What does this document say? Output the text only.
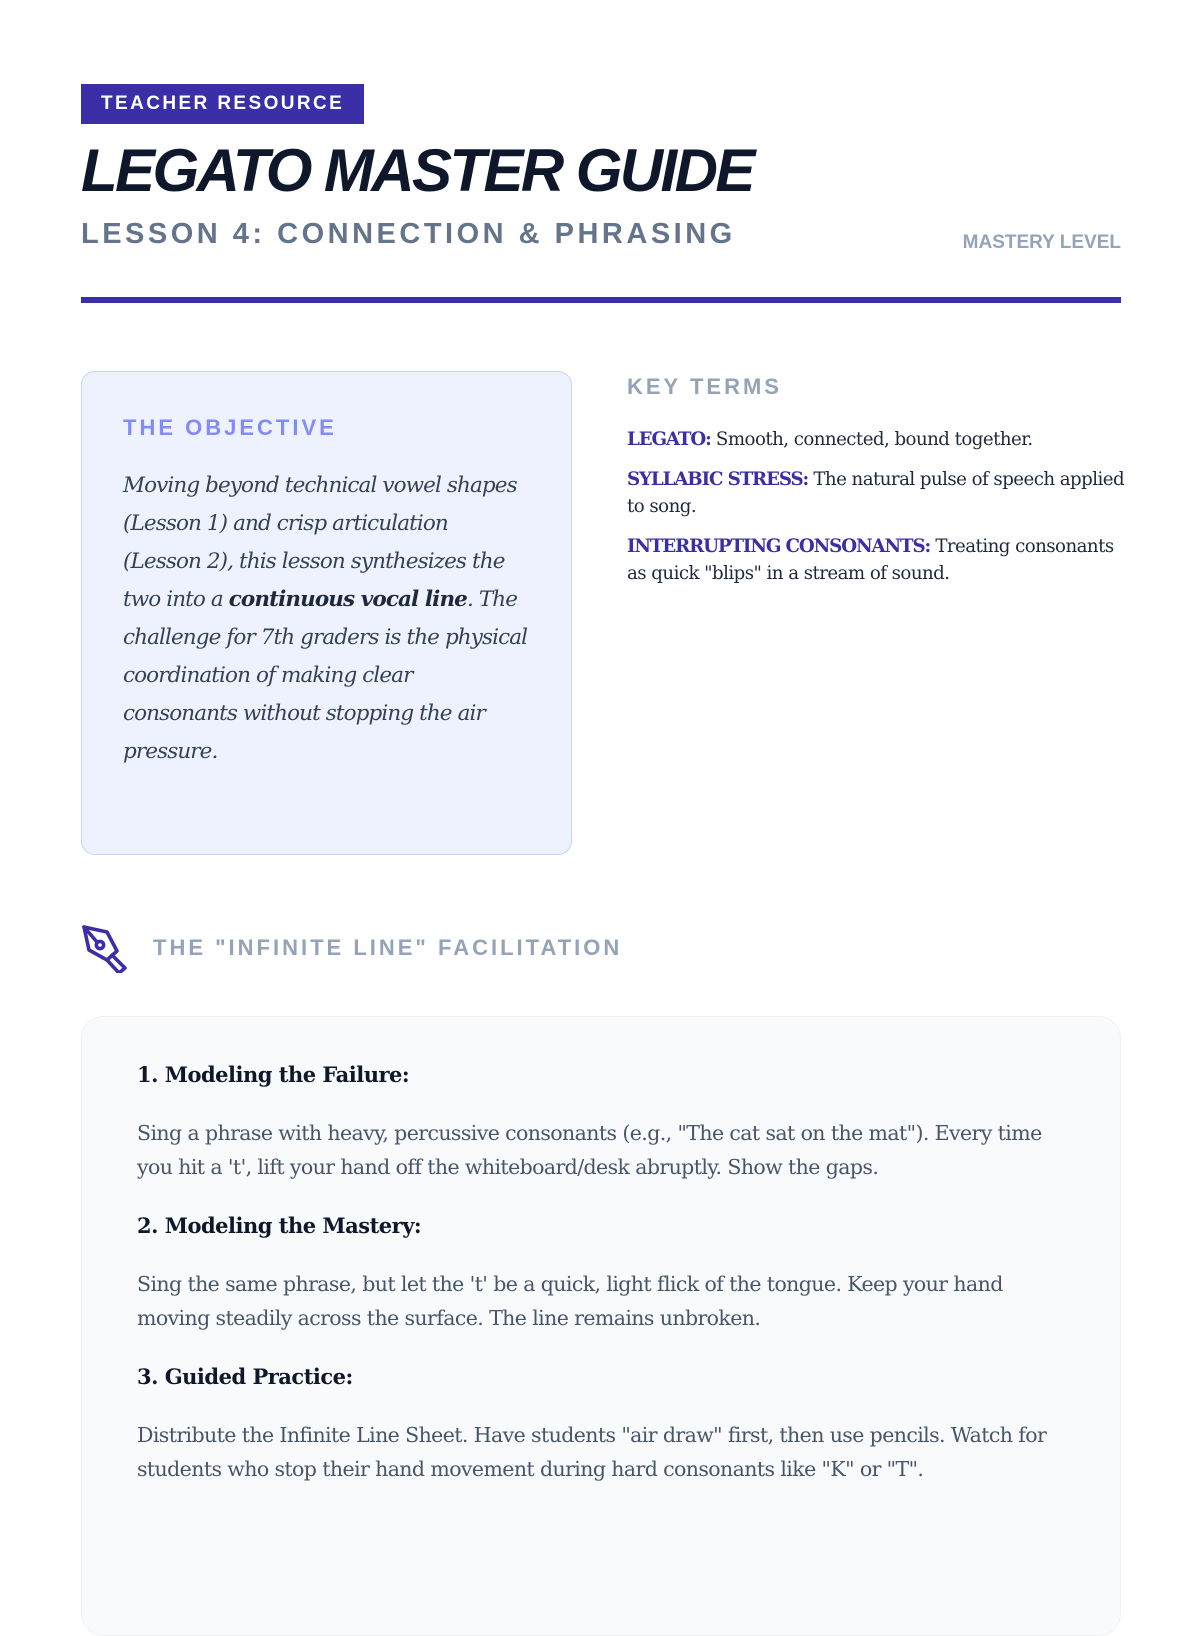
TEACHER RESOURCE
LEGATO MASTER GUIDE
LESSON 4: CONNECTION & PHRASING	MASTERY LEVEL
THE OBJECTIVE

Moving beyond technical vowel shapes (Lesson 1) and crisp articulation (Lesson 2), this lesson synthesizes the two into a continuous vocal line. The challenge for 7th graders is the physical coordination of making clear consonants without stopping the air pressure.

KEY TERMS
LEGATO: Smooth, connected, bound together.
SYLLABIC STRESS: The natural pulse of speech applied to song.
INTERRUPTING CONSONANTS: Treating consonants as quick "blips" in a stream of sound.
THE "INFINITE LINE" FACILITATION
1. Modeling the Failure:

Sing a phrase with heavy, percussive consonants (e.g., "The cat sat on the mat"). Every time you hit a 't', lift your hand off the whiteboard/desk abruptly. Show the gaps.

2. Modeling the Mastery:

Sing the same phrase, but let the 't' be a quick, light flick of the tongue. Keep your hand moving steadily across the surface. The line remains unbroken.

3. Guided Practice:

Distribute the Infinite Line Sheet. Have students "air draw" first, then use pencils. Watch for students who stop their hand movement during hard consonants like "K" or "T".
